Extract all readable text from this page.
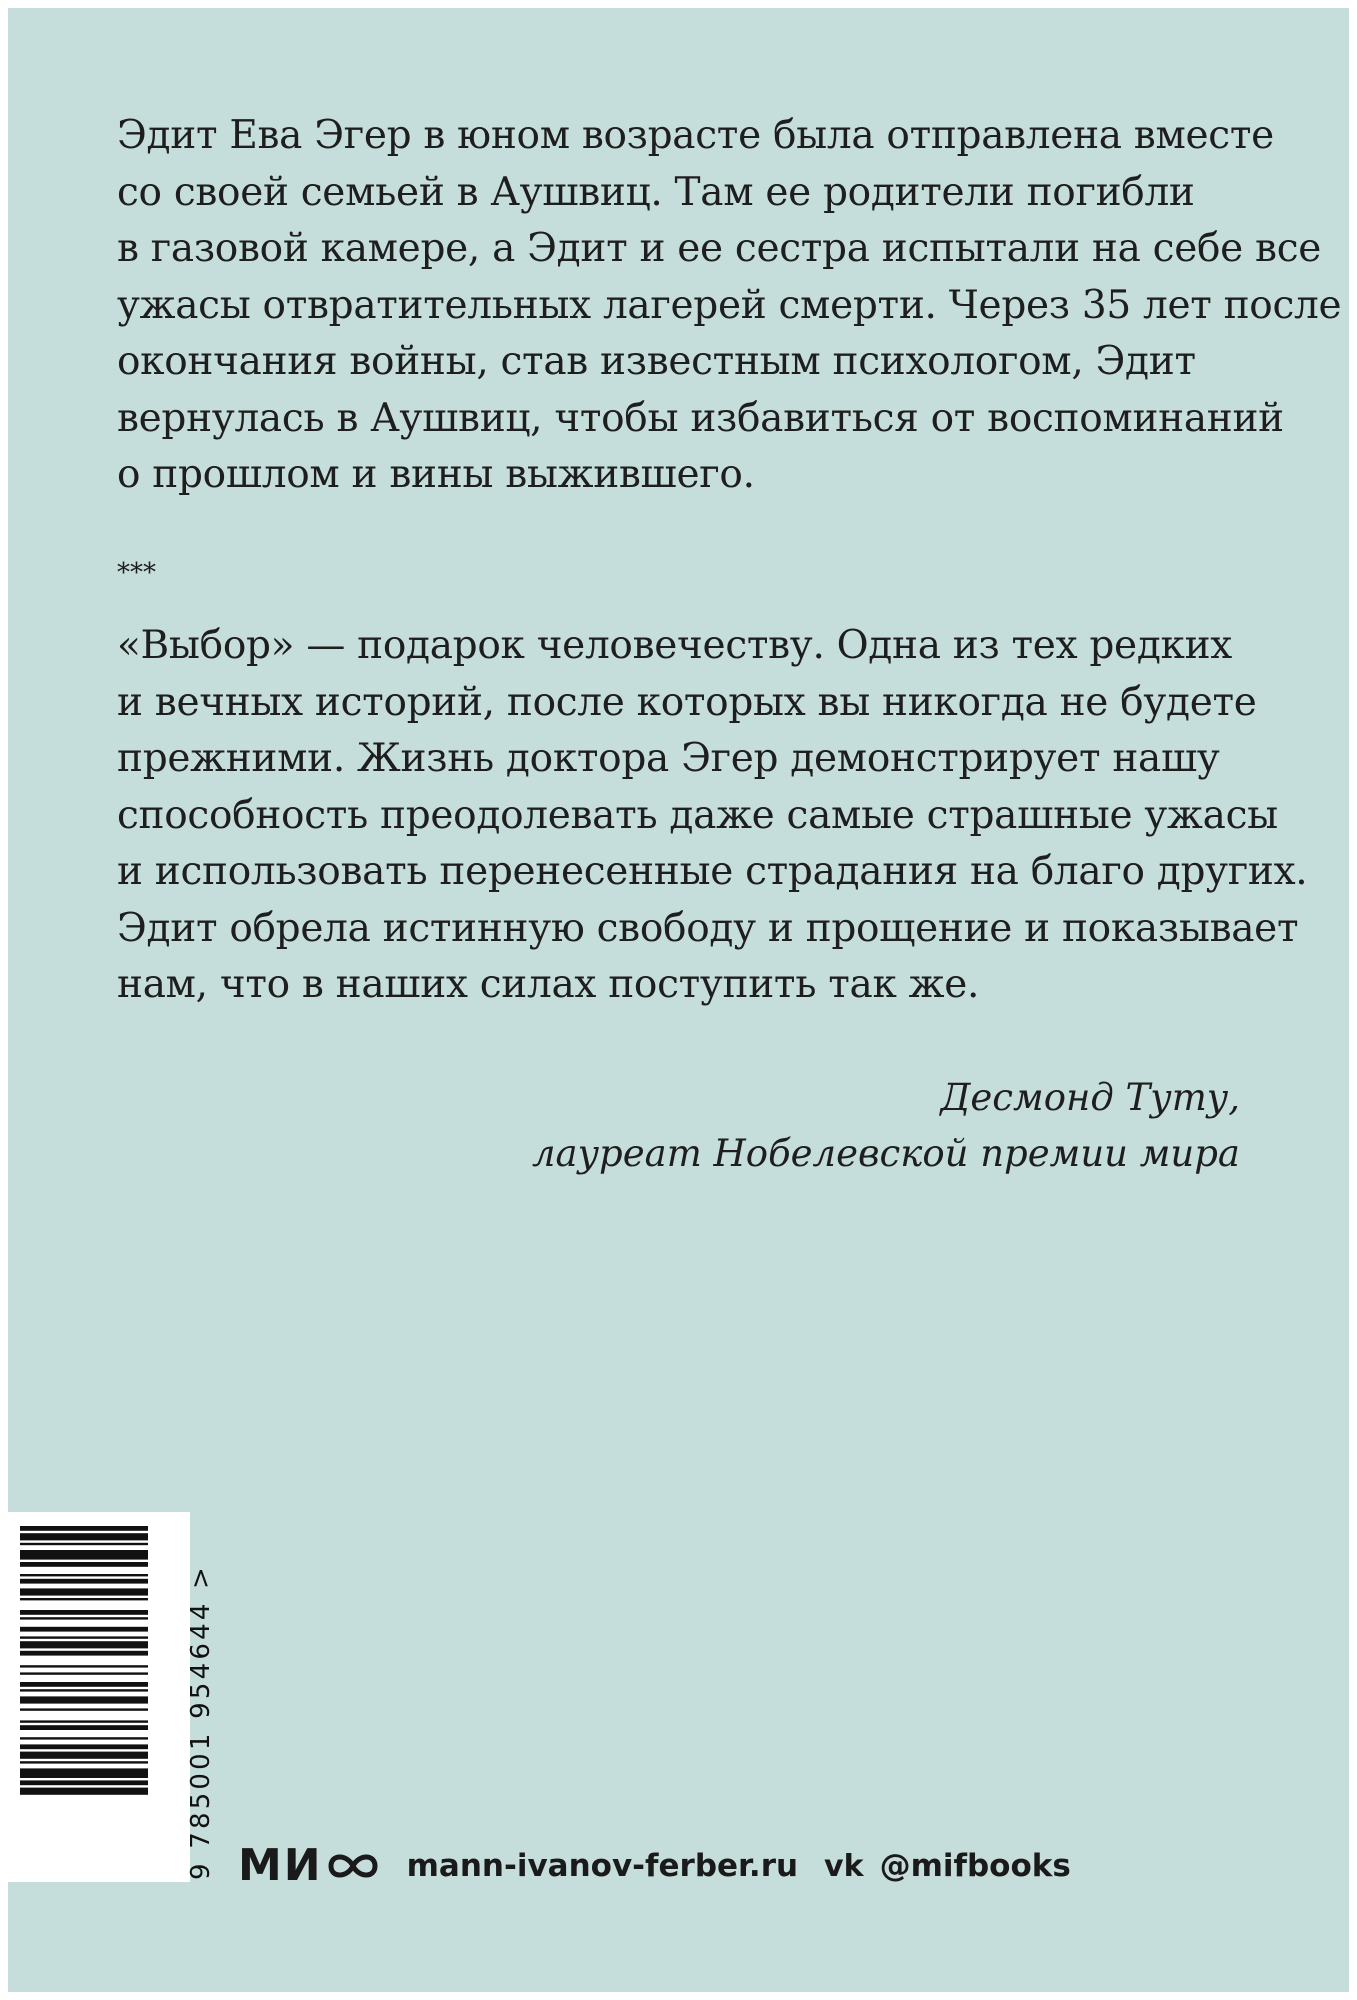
Эдит Ева Эгер в юном возрасте была отправлена вместе
со своей семьей в Аушвиц. Там ее родители погибли
в газовой камере, а Эдит и ее сестра испытали на себе все
ужасы отвратительных лагерей смерти. Через 35 лет после
окончания войны, став известным психологом, Эдит
вернулась в Аушвиц, чтобы избавиться от воспоминаний
о прошлом и вины выжившего.
***
«Выбор» — подарок человечеству. Одна из тех редких
и вечных историй, после которых вы никогда не будете
прежними. Жизнь доктора Эгер демонстрирует нашу
способность преодолевать даже самые страшные ужасы
и использовать перенесенные страдания на благо других.
Эдит обрела истинную свободу и прощение и показывает
нам, что в наших силах поступить так же.
Десмонд Туту,
лауреат Нобелевской премии мира
9 785001 954644 > МИ	mann-ivanov-ferber.ru vk @mifbooks
